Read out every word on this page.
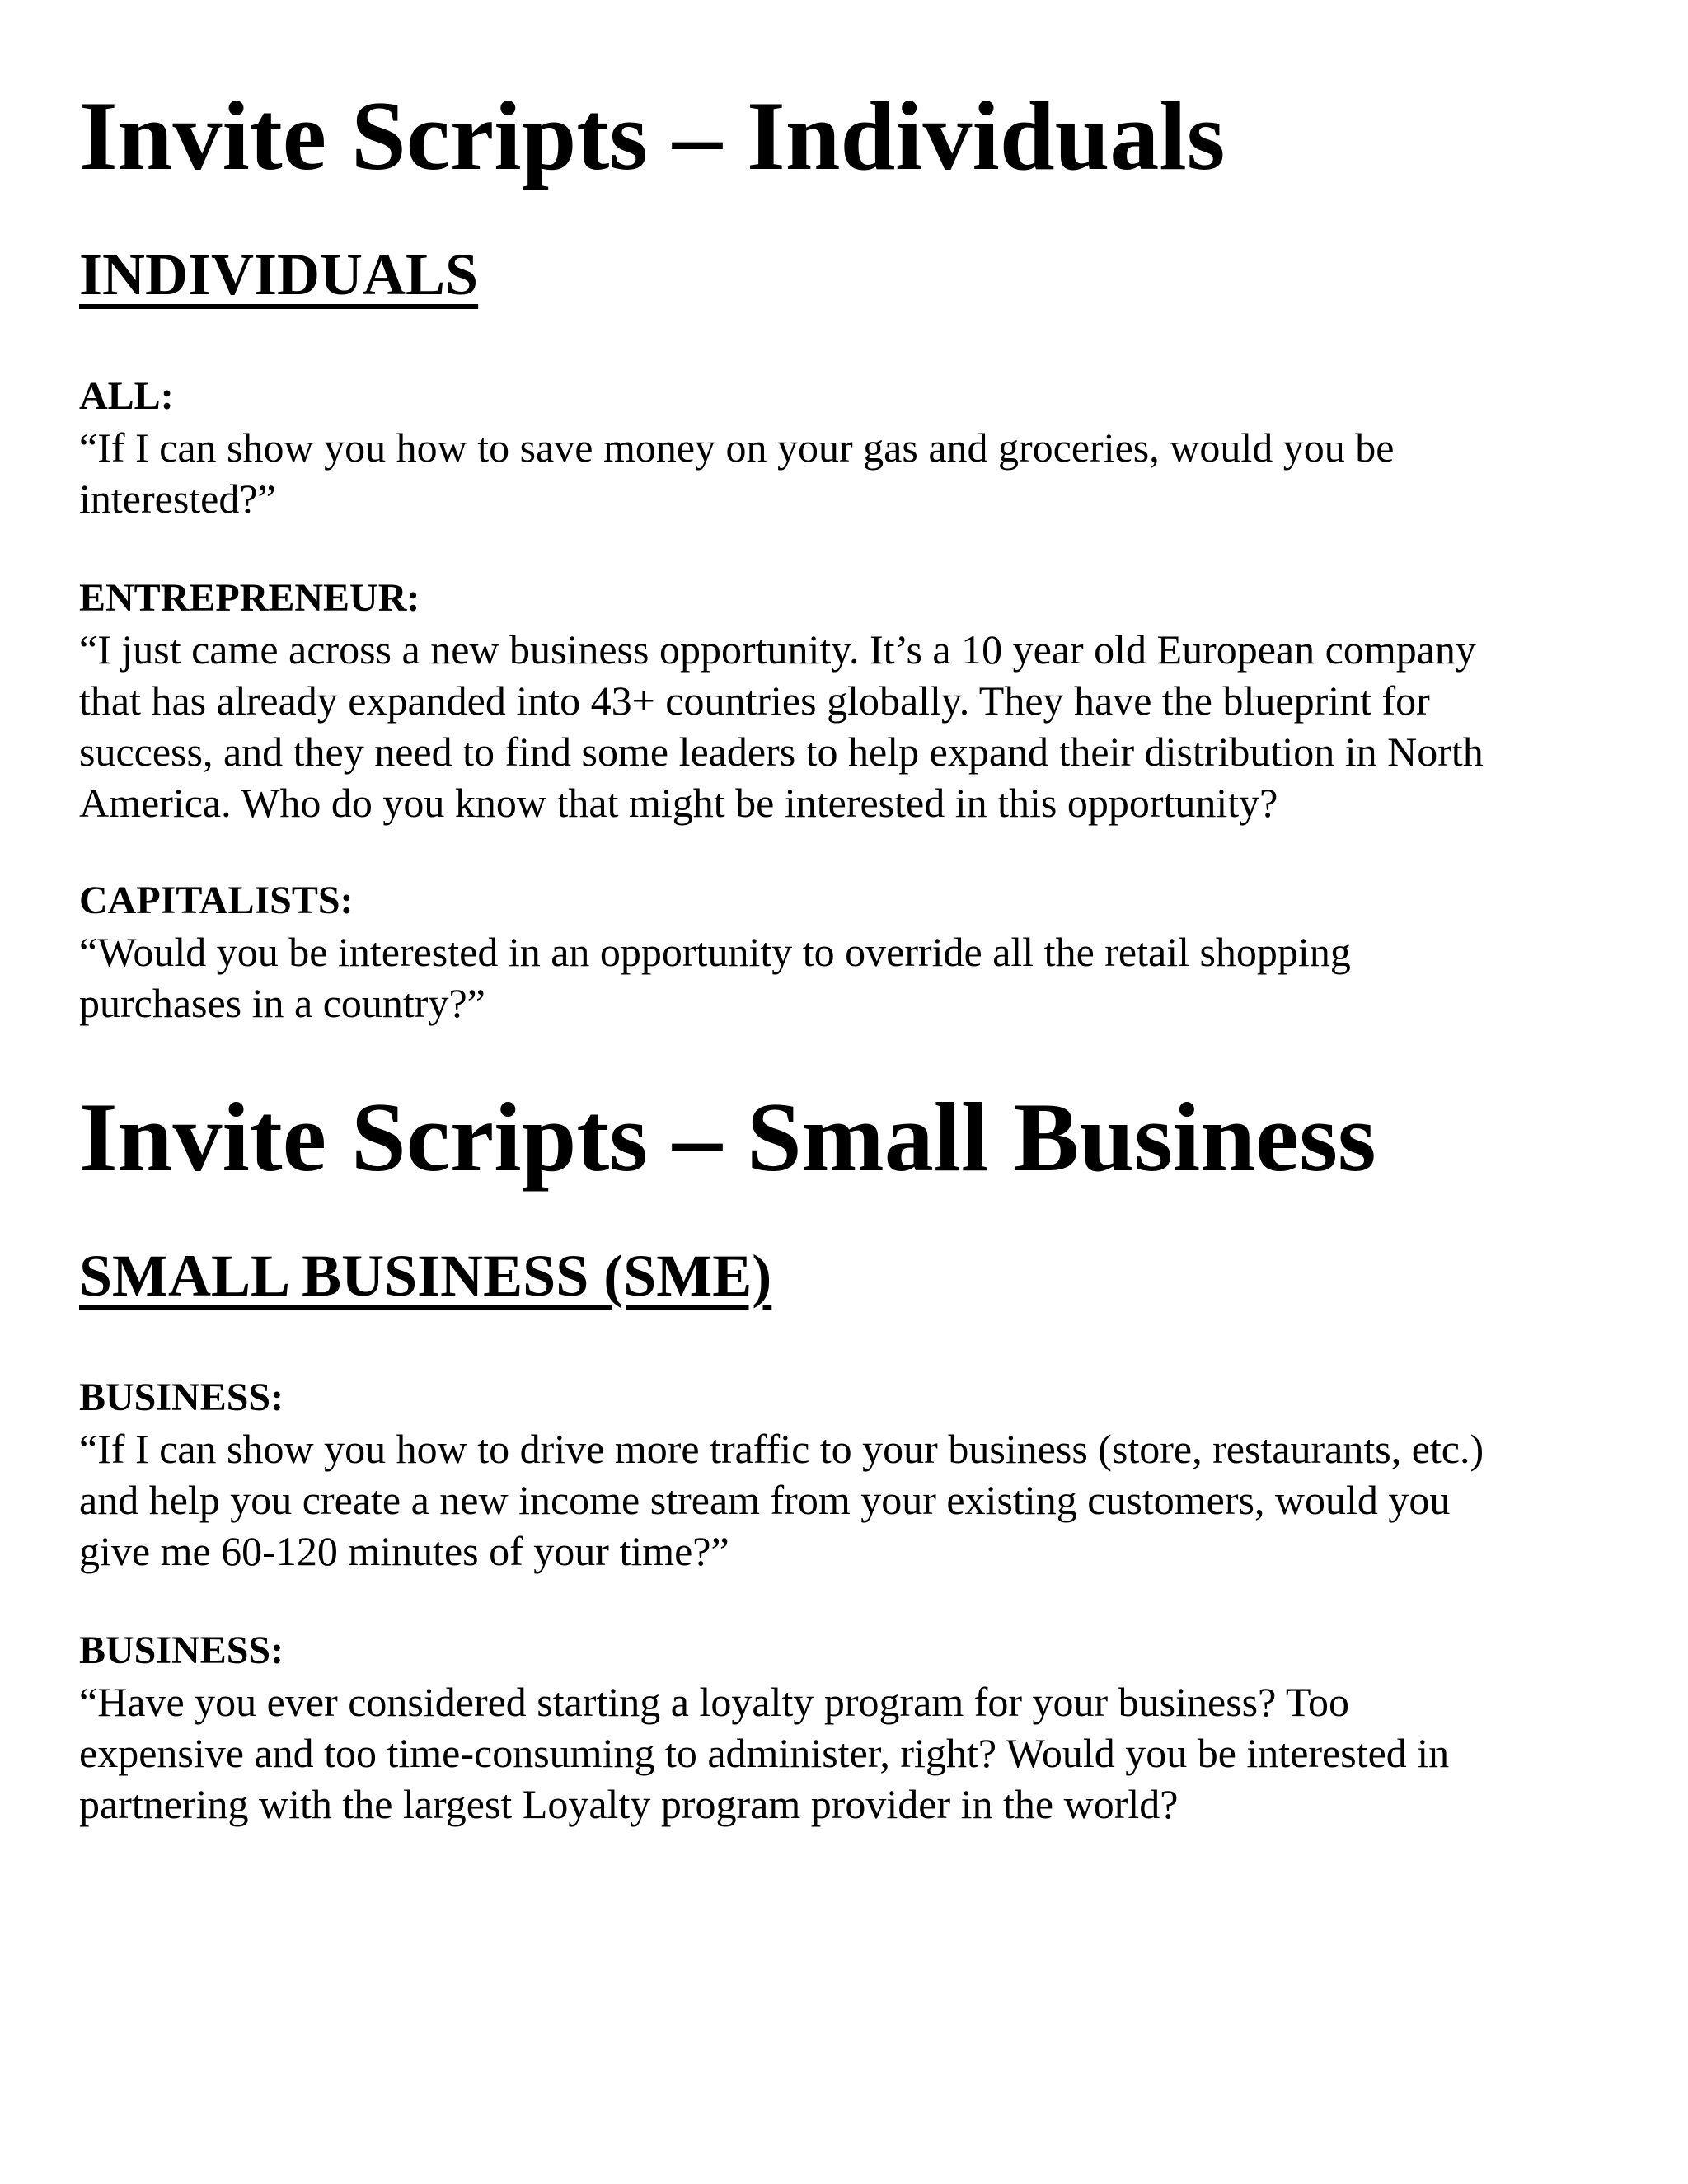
Invite Scripts – Individuals
INDIVIDUALS
ALL:
“If I can show you how to save money on your gas and groceries, would you be
interested?”
ENTREPRENEUR:
“I just came across a new business opportunity. It’s a 10 year old European company
that has already expanded into 43+ countries globally. They have the blueprint for
success, and they need to find some leaders to help expand their distribution in North
America. Who do you know that might be interested in this opportunity?
CAPITALISTS:
“Would you be interested in an opportunity to override all the retail shopping
purchases in a country?”
Invite Scripts – Small Business
SMALL BUSINESS (SME)
BUSINESS:
“If I can show you how to drive more traffic to your business (store, restaurants, etc.)
and help you create a new income stream from your existing customers, would you
give me 60-120 minutes of your time?”
BUSINESS:
“Have you ever considered starting a loyalty program for your business? Too
expensive and too time-consuming to administer, right? Would you be interested in
partnering with the largest Loyalty program provider in the world?
